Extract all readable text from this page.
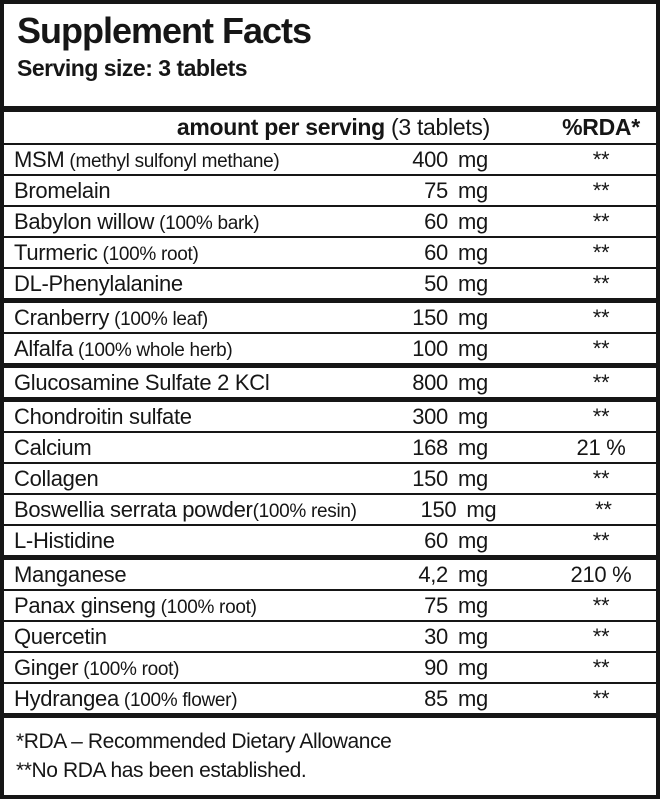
Supplement Facts
Serving size: 3 tablets
amount per serving (3 tablets)	%RDA*
MSM (methyl sulfonyl methane)	400 mg	**
Bromelain	75 mg	**
Babylon willow (100% bark)	60 mg	**
Turmeric (100% root)	60 mg	**
DL-Phenylalanine	50 mg	**
Cranberry (100% leaf)	150 mg	**
Alfalfa (100% whole herb)	100 mg	**
Glucosamine Sulfate 2 KCl	800 mg	**
Chondroitin sulfate	300 mg	**
Calcium	168 mg	21 %
Collagen	150 mg	**
Boswellia serrata powder(100% resin)	150 mg	**
L-Histidine	60 mg	**
Manganese	4,2 mg	210 %
Panax ginseng (100% root)	75 mg	**
Quercetin	30 mg	**
Ginger (100% root)	90 mg	**
Hydrangea (100% flower)	85 mg	**
*RDA – Recommended Dietary Allowance
**No RDA has been established.
